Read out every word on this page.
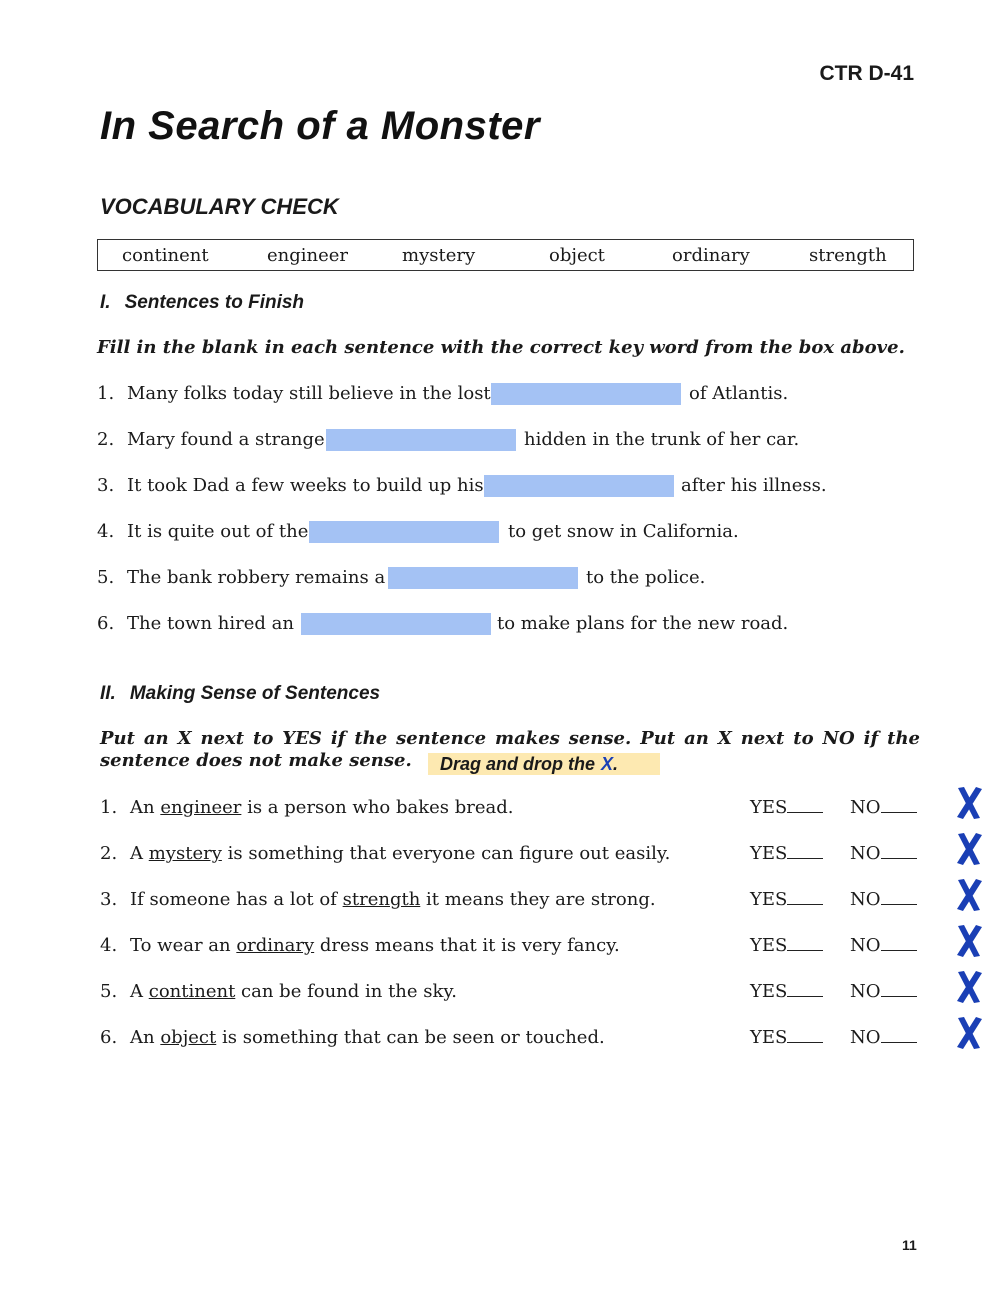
CTR D-41
In Search of a Monster
VOCABULARY CHECK
continent	engineer	mystery	object	ordinary	strength
I. Sentences to Finish
Fill in the blank in each sentence with the correct key word from the box above.
1. Many folks today still believe in the lost	of Atlantis.
2. Mary found a strange	hidden in the trunk of her car.
3. It took Dad a few weeks to build up his	after his illness.
4. It is quite out of the	to get snow in California.
5. The bank robbery remains a	to the police.
6. The town hired an	to make plans for the new road.
II. Making Sense of Sentences
Put an X next to YES if the sentence makes sense. Put an X next to NO if the
sentence does not make sense.	Drag and drop the X.
1. An engineer is a person who bakes bread.	YES	NO
2. A mystery is something that everyone can figure out easily.	YES	NO
3. If someone has a lot of strength it means they are strong.	YES	NO
4. To wear an ordinary dress means that it is very fancy.	YES	NO
5. A continent can be found in the sky.	YES	NO
6. An object is something that can be seen or touched.	YES	NO
11
